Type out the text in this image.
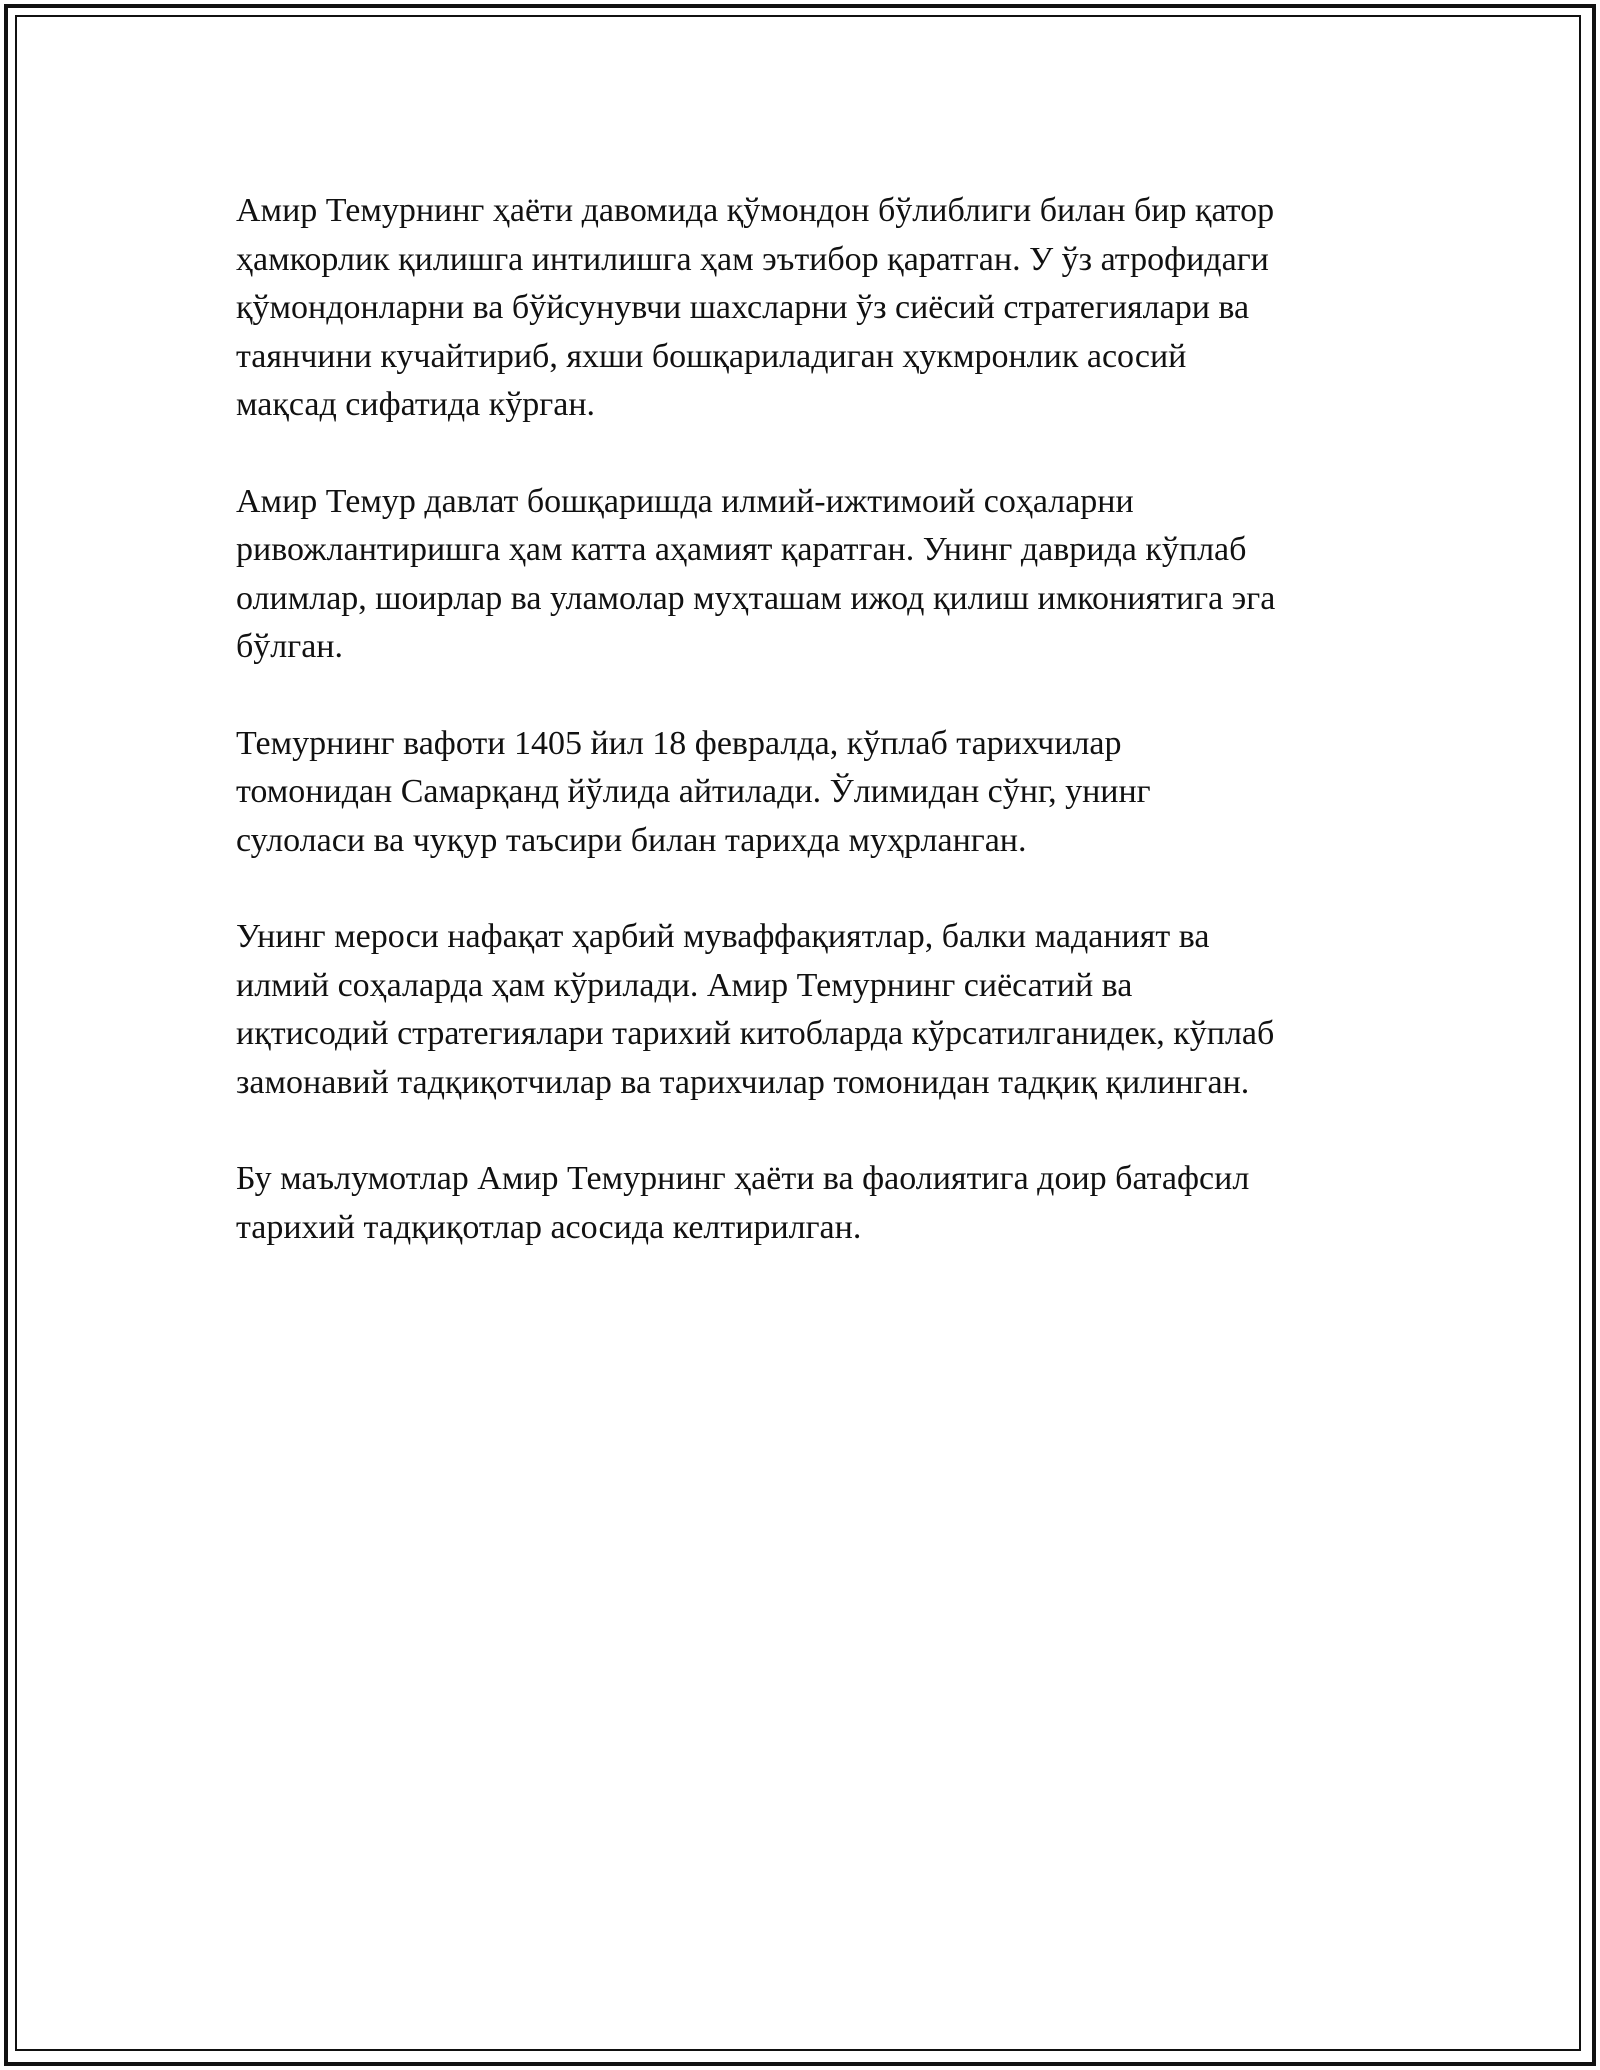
Амир Темурнинг ҳаёти давомида қўмондон бўлиблиги билан бир қатор
ҳамкорлик қилишга интилишга ҳам эътибор қаратган. У ўз атрофидаги
қўмондонларни ва бўйсунувчи шахсларни ўз сиёсий стратегиялари ва
таянчини кучайтириб, яхши бошқариладиган ҳукмронлик асосий
мақсад сифатида кўрган.

Амир Темур давлат бошқаришда илмий-ижтимоий соҳаларни
ривожлантиришга ҳам катта аҳамият қаратган. Унинг даврида кўплаб
олимлар, шоирлар ва уламолар муҳташам ижод қилиш имкониятига эга
бўлган.

Темурнинг вафоти 1405 йил 18 февралда, кўплаб тарихчилар
томонидан Самарқанд йўлида айтилади. Ўлимидан сўнг, унинг
сулоласи ва чуқур таъсири билан тарихда муҳрланган.

Унинг мероси нафақат ҳарбий муваффақиятлар, балки маданият ва
илмий соҳаларда ҳам кўрилади. Амир Темурнинг сиёсатий ва
иқтисодий стратегиялари тарихий китобларда кўрсатилганидек, кўплаб
замонавий тадқиқотчилар ва тарихчилар томонидан тадқиқ қилинган.

Бу маълумотлар Амир Темурнинг ҳаёти ва фаолиятига доир батафсил
тарихий тадқиқотлар асосида келтирилган.
